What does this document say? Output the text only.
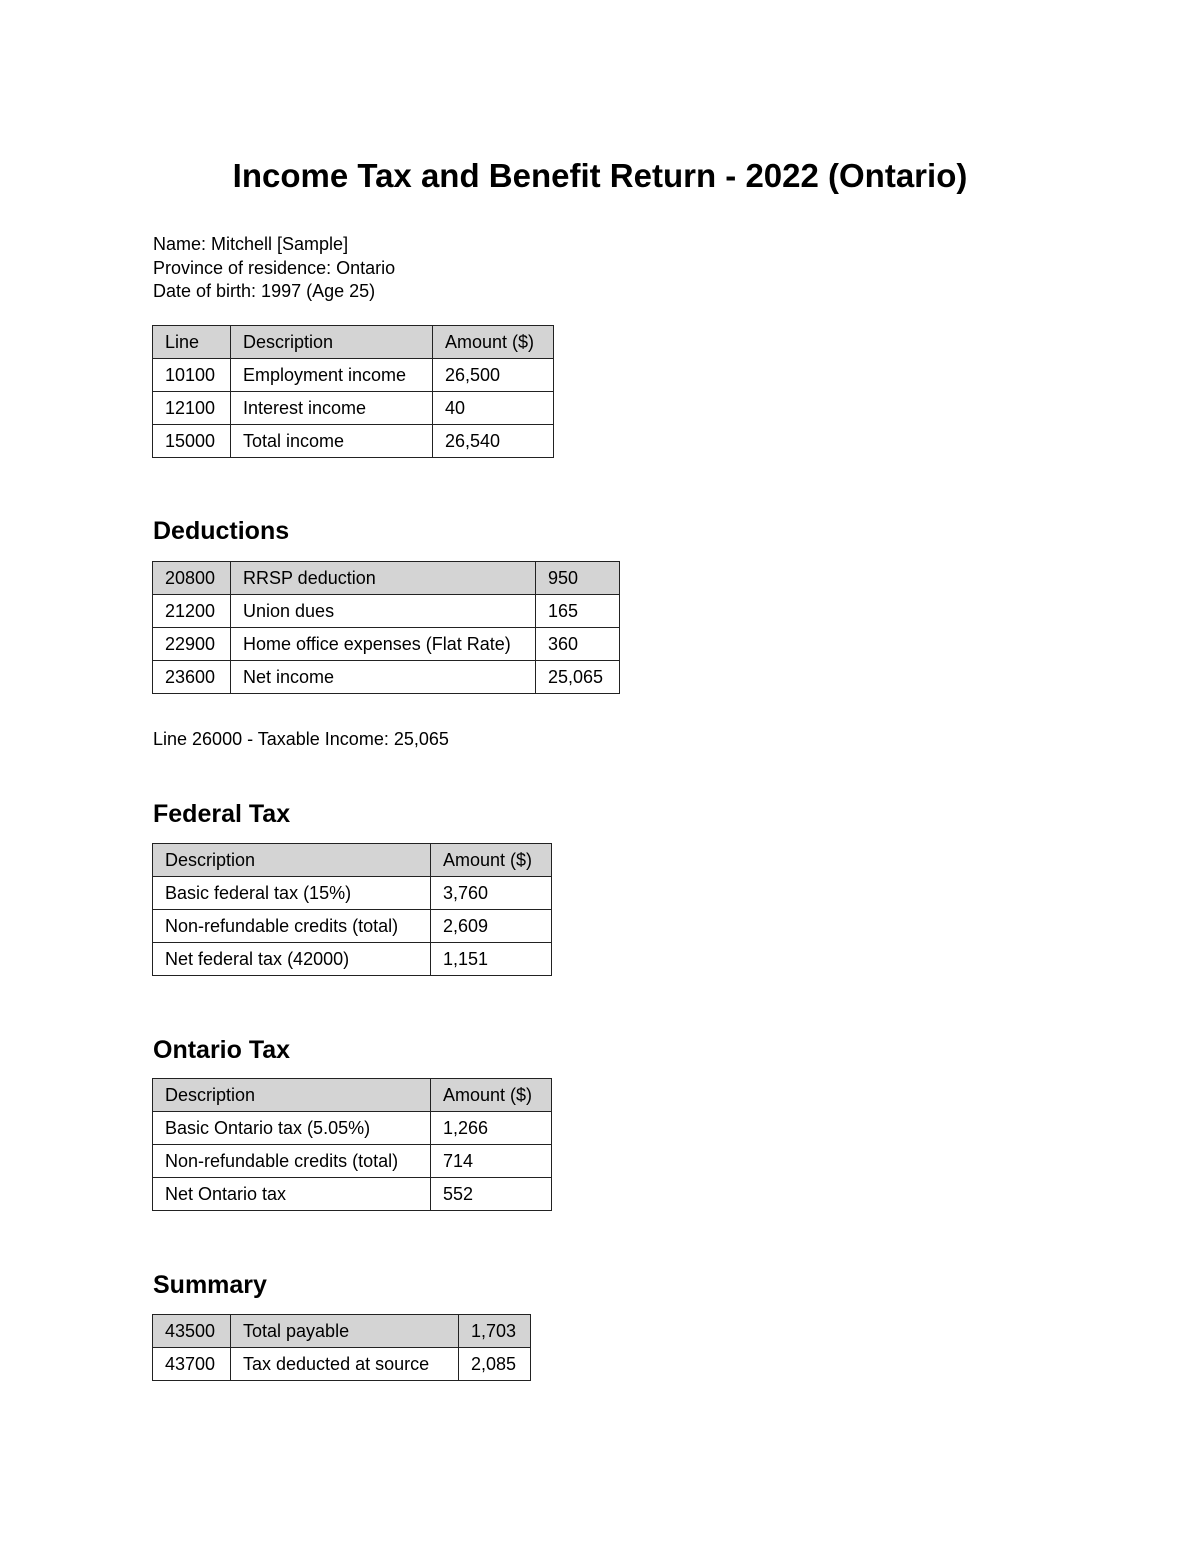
Income Tax and Benefit Return - 2022 (Ontario)
Name: Mitchell [Sample]
Province of residence: Ontario
Date of birth: 1997 (Age 25)
Line	Description	Amount ($)
10100	Employment income	26,500
12100	Interest income	40
15000	Total income	26,540
Deductions
20800	RRSP deduction	950
21200	Union dues	165
22900	Home office expenses (Flat Rate)	360
23600	Net income	25,065
Line 26000 - Taxable Income: 25,065
Federal Tax
Description	Amount ($)
Basic federal tax (15%)	3,760
Non-refundable credits (total)	2,609
Net federal tax (42000)	1,151
Ontario Tax
Description	Amount ($)
Basic Ontario tax (5.05%)	1,266
Non-refundable credits (total)	714
Net Ontario tax	552
Summary
43500	Total payable	1,703
43700	Tax deducted at source	2,085
